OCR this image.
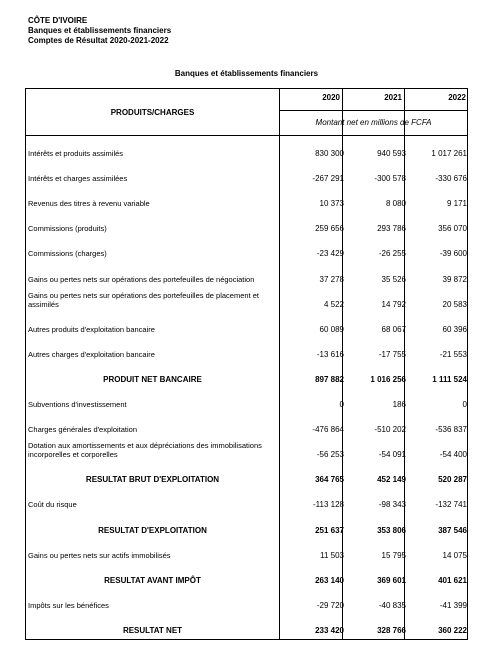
CÔTE D'IVOIRE
Banques et établissements financiers
Comptes de Résultat 2020-2021-2022
Banques et établissements financiers
PRODUITS/CHARGES
2020	2021	2022
Montant net en millions de FCFA
Intérêts et produits assimilés	830 300	940 593	1 017 261
Intérêts et charges assimilées	-267 291	-300 578	-330 676
Revenus des titres à revenu variable	10 373	8 080	9 171
Commissions (produits)	259 656	293 786	356 070
Commissions (charges)	-23 429	-26 255	-39 600
Gains ou pertes nets sur opérations des portefeuilles de négociation	37 278	35 526	39 872
Gains ou pertes nets sur opérations des portefeuilles de placement et assimilés	4 522	14 792	20 583
Autres produits d'exploitation bancaire	60 089	68 067	60 396
Autres charges d'exploitation bancaire	-13 616	-17 755	-21 553
PRODUIT NET BANCAIRE	897 882	1 016 256	1 111 524
Subventions d'investissement	0	186	0
Charges générales d'exploitation	-476 864	-510 202	-536 837
Dotation aux amortissements et aux dépréciations des immobilisations incorporelles et corporelles	-56 253	-54 091	-54 400
RESULTAT BRUT D'EXPLOITATION	364 765	452 149	520 287
Coût du risque	-113 128	-98 343	-132 741
RESULTAT D'EXPLOITATION	251 637	353 806	387 546
Gains ou pertes nets sur actifs immobilisés	11 503	15 795	14 075
RESULTAT AVANT IMPÔT	263 140	369 601	401 621
Impôts sur les bénéfices	-29 720	-40 835	-41 399
RESULTAT NET	233 420	328 766	360 222
